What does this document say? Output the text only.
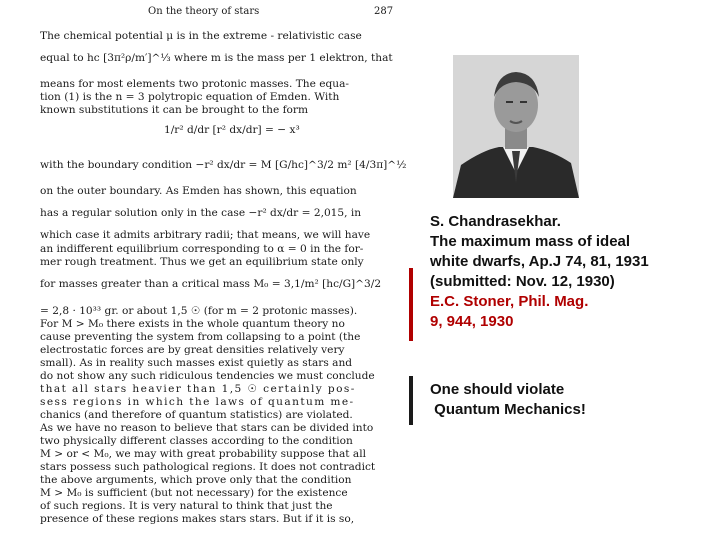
On the theory of stars	287
The chemical potential μ is in the extreme - relativistic case
equal to hc [3π²ρ/m′]^⅓ where m is the mass per 1 elektron, that
means for most elements two protonic masses. The equa-
tion (1) is the n = 3 polytropic equation of Emden. With
known substitutions it can be brought to the form
1/r² d/dr [r² dx/dr] = − x³
with the boundary condition −r² dx/dr = M [G/hc]^3/2 m² [4/3π]^½
on the outer boundary. As Emden has shown, this equation
has a regular solution only in the case −r² dx/dr = 2,015, in
which case it admits arbitrary radii; that means, we will have
an indifferent equilibrium corresponding to α = 0 in the for-
mer rough treatment. Thus we get an equilibrium state only
for masses greater than a critical mass M₀ = 3,1/m² [hc/G]^3/2
= 2,8 · 10³³ gr. or about 1,5 ☉ (for m = 2 protonic masses).
For M > M₀ there exists in the whole quantum theory no
cause preventing the system from collapsing to a point (the
electrostatic forces are by great densities relatively very
small). As in reality such masses exist quietly as stars and
do not show any such ridiculous tendencies we must conclude
that all stars heavier than 1,5 ☉ certainly pos-
sess regions in which the laws of quantum me-
chanics (and therefore of quantum statistics) are violated.
As we have no reason to believe that stars can be divided into
two physically different classes according to the condition
M > or < M₀, we may with great probability suppose that all
stars possess such pathological regions. It does not contradict
the above arguments, which prove only that the condition
M > M₀ is sufficient (but not necessary) for the existence
of such regions. It is very natural to think that just the
presence of these regions makes stars stars. But if it is so,
S. Chandrasekhar.
The maximum mass of ideal
white dwarfs, Ap.J 74, 81, 1931
(submitted: Nov. 12, 1930)
E.C. Stoner, Phil. Mag.
9, 944, 1930
One should violate
Quantum Mechanics!
